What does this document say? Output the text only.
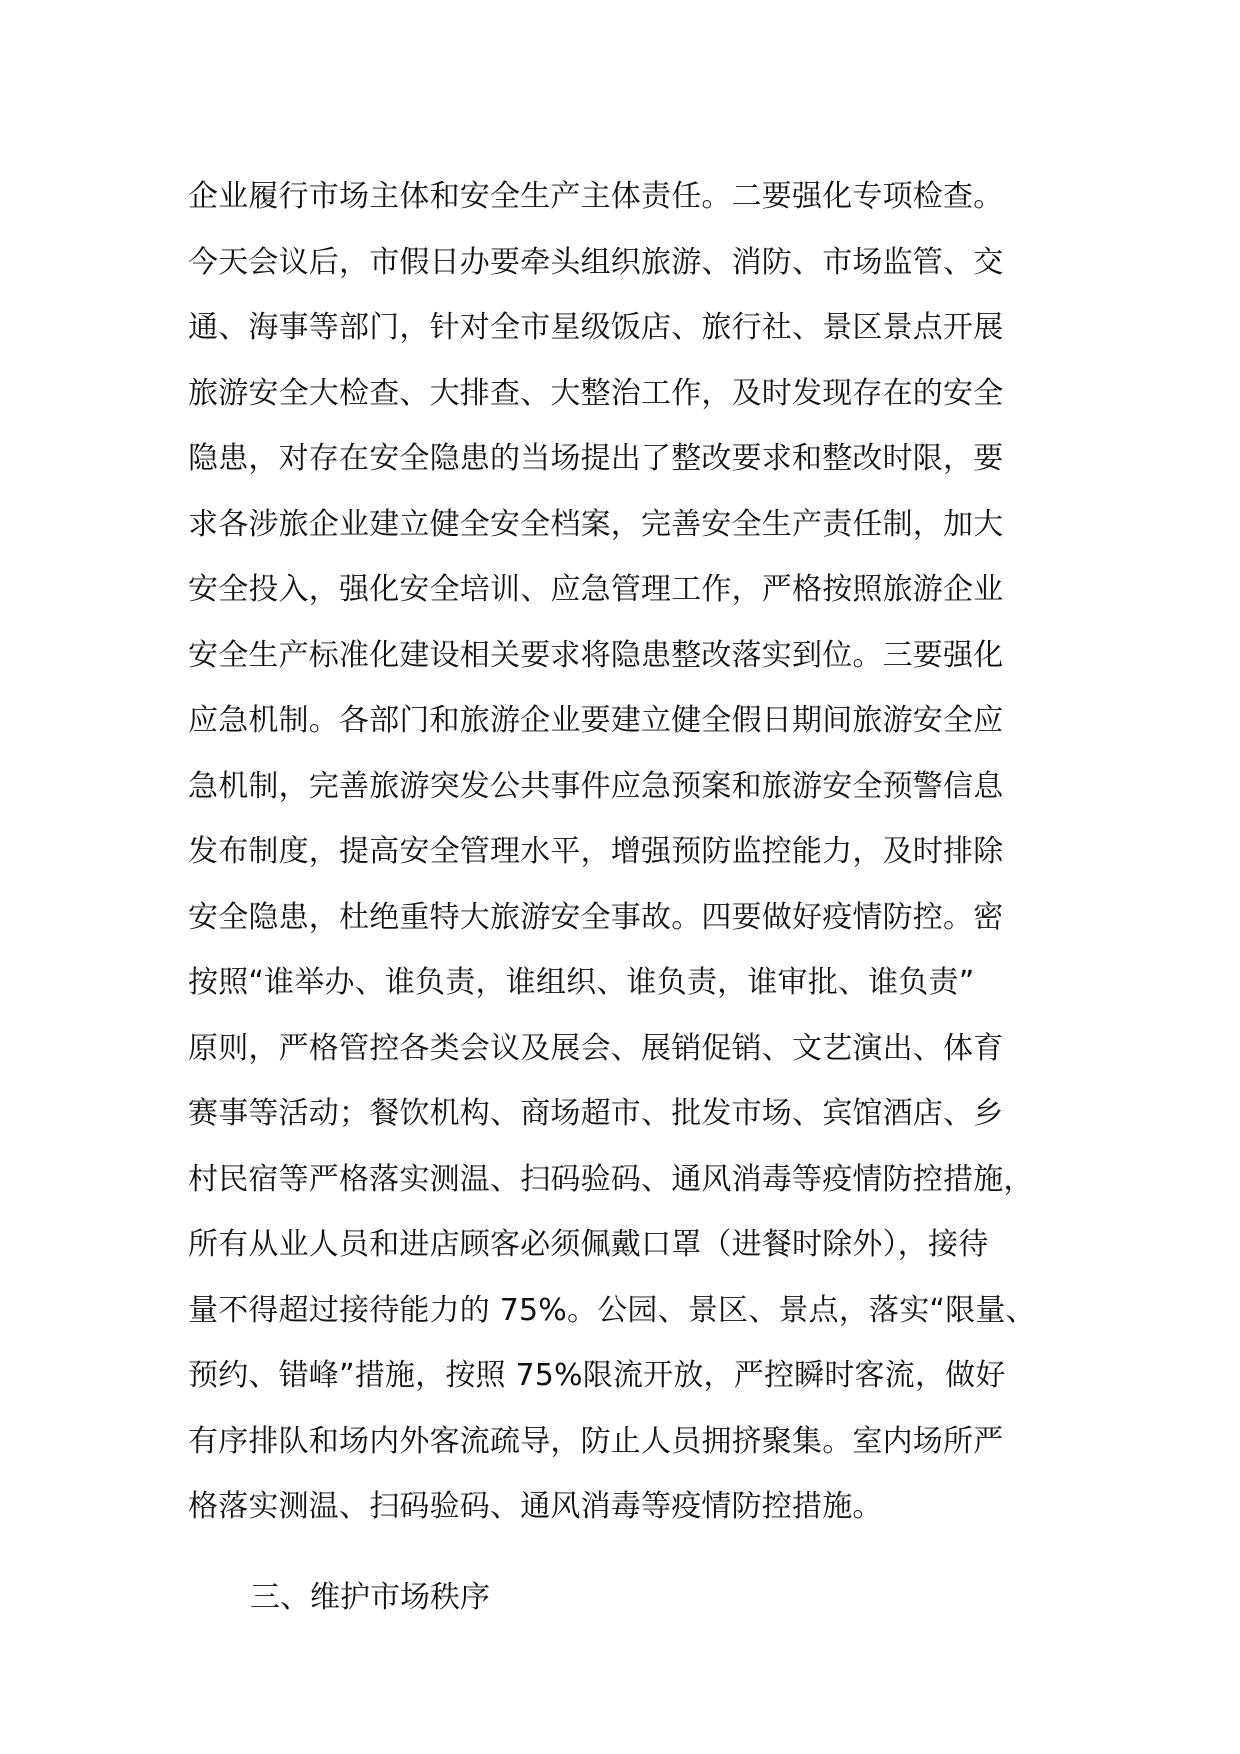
企业履行市场主体和安全生产主体责任。二要强化专项检查。
今天会议后，市假日办要牵头组织旅游、消防、市场监管、交
通、海事等部门，针对全市星级饭店、旅行社、景区景点开展
旅游安全大检查、大排查、大整治工作，及时发现存在的安全
隐患，对存在安全隐患的当场提出了整改要求和整改时限，要
求各涉旅企业建立健全安全档案，完善安全生产责任制，加大
安全投入，强化安全培训、应急管理工作，严格按照旅游企业
安全生产标准化建设相关要求将隐患整改落实到位。三要强化
应急机制。各部门和旅游企业要建立健全假日期间旅游安全应
急机制，完善旅游突发公共事件应急预案和旅游安全预警信息
发布制度，提高安全管理水平，增强预防监控能力，及时排除
安全隐患，杜绝重特大旅游安全事故。四要做好疫情防控。密
按照“谁举办、谁负责，谁组织、谁负责，谁审批、谁负责”
原则，严格管控各类会议及展会、展销促销、文艺演出、体育
赛事等活动；餐饮机构、商场超市、批发市场、宾馆酒店、乡
村民宿等严格落实测温、扫码验码、通风消毒等疫情防控措施，
所有从业人员和进店顾客必须佩戴口罩（进餐时除外），接待
量不得超过接待能力的 75%。公园、景区、景点，落实“限量、
预约、错峰”措施，按照 75%限流开放，严控瞬时客流，做好
有序排队和场内外客流疏导，防止人员拥挤聚集。室内场所严
格落实测温、扫码验码、通风消毒等疫情防控措施。
三、维护市场秩序
